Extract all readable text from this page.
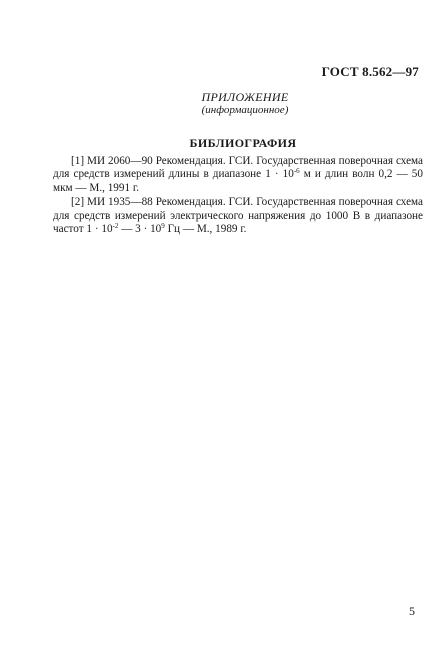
ГОСТ 8.562—97
ПРИЛОЖЕНИЕ
(информационное)
БИБЛИОГРАФИЯ

[1] МИ 2060—90 Рекомендация. ГСИ. Государственная поверочная схема для средств измерений длины в диапазоне $1 \cdot 10^{-6}$ м и длин волн 0,2 — 50 мкм — М., 1991 г.

[2] МИ 1935—88 Рекомендация. ГСИ. Государственная поверочная схема для средств измерений электрического напряжения до 1000 В в диапазоне частот $1 \cdot 10^{-2}$ — $3 \cdot 10^9$ Гц — М., 1989 г.

5
